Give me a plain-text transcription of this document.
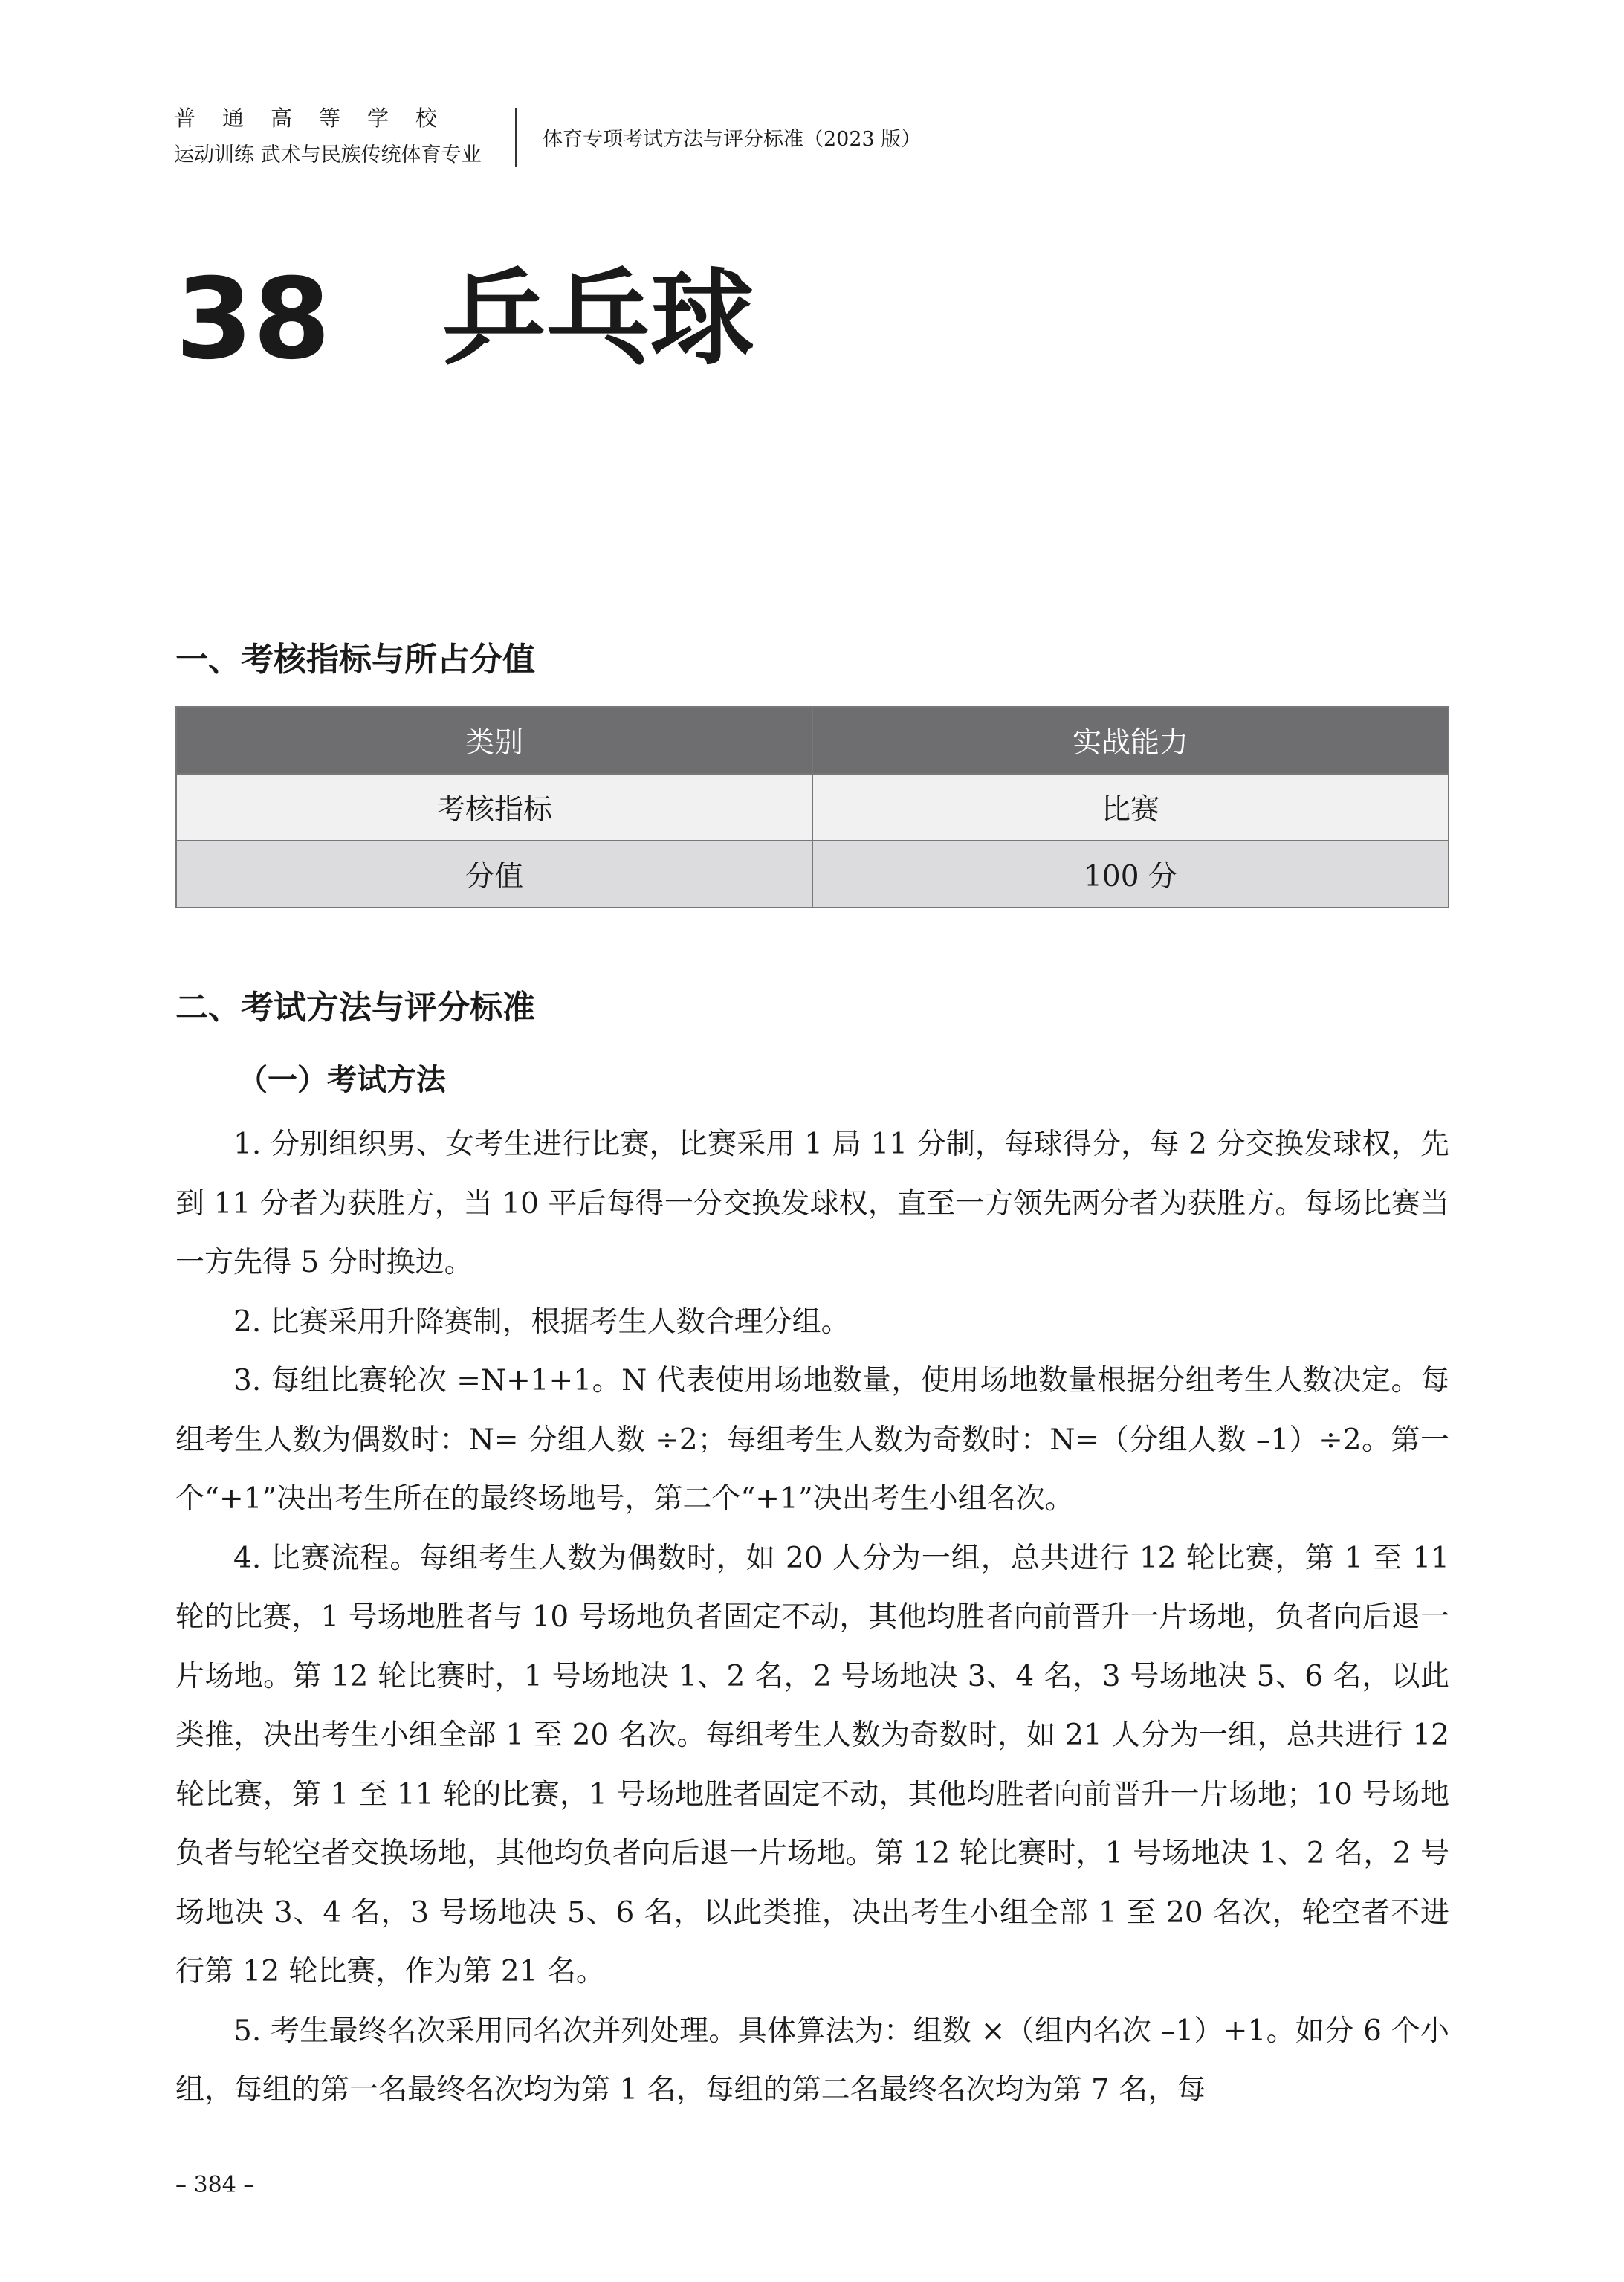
普通高等学校
运动训练 武术与民族传统体育专业
体育专项考试方法与评分标准（2023 版）
38 乒乓球
一、考核指标与所占分值
类别	实战能力
考核指标	比赛
分值	100 分
二、考试方法与评分标准
（一）考试方法

1. 分别组织男、女考生进行比赛，比赛采用 1 局 11 分制，每球得分，每 2 分交换发球权，先到 11 分者为获胜方，当 10 平后每得一分交换发球权，直至一方领先两分者为获胜方。每场比赛当一方先得 5 分时换边。

2. 比赛采用升降赛制，根据考生人数合理分组。

3. 每组比赛轮次 =N+1+1。N 代表使用场地数量，使用场地数量根据分组考生人数决定。每组考生人数为偶数时：N= 分组人数 ÷2；每组考生人数为奇数时：N=（分组人数 –1）÷2。第一个“+1”决出考生所在的最终场地号，第二个“+1”决出考生小组名次。

4. 比赛流程。每组考生人数为偶数时，如 20 人分为一组，总共进行 12 轮比赛，第 1 至 11 轮的比赛，1 号场地胜者与 10 号场地负者固定不动，其他均胜者向前晋升一片场地，负者向后退一片场地。第 12 轮比赛时，1 号场地决 1、2 名，2 号场地决 3、4 名，3 号场地决 5、6 名，以此类推，决出考生小组全部 1 至 20 名次。每组考生人数为奇数时，如 21 人分为一组，总共进行 12 轮比赛，第 1 至 11 轮的比赛，1 号场地胜者固定不动，其他均胜者向前晋升一片场地；10 号场地负者与轮空者交换场地，其他均负者向后退一片场地。第 12 轮比赛时，1 号场地决 1、2 名，2 号场地决 3、4 名，3 号场地决 5、6 名，以此类推，决出考生小组全部 1 至 20 名次，轮空者不进行第 12 轮比赛，作为第 21 名。

5. 考生最终名次采用同名次并列处理。具体算法为：组数 ×（组内名次 –1）+1。如分 6 个小组，每组的第一名最终名次均为第 1 名，每组的第二名最终名次均为第 7 名，每

– 384 –
